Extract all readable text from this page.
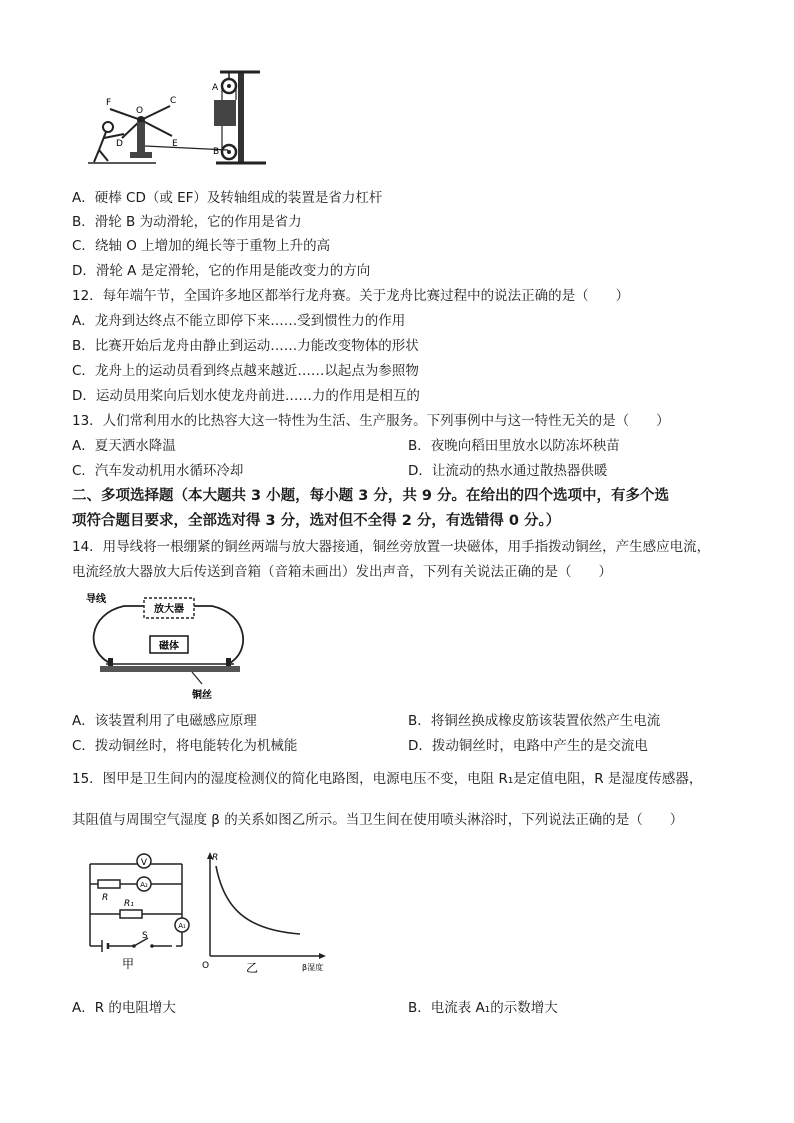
F
O
C
D	E
A
B
A．硬棒 CD（或 EF）及转轴组成的装置是省力杠杆
B．滑轮 B 为动滑轮，它的作用是省力
C．绕轴 O 上增加的绳长等于重物上升的高
D．滑轮 A 是定滑轮，它的作用是能改变力的方向
12．每年端午节，全国许多地区都举行龙舟赛。关于龙舟比赛过程中的说法正确的是（　　）
A．龙舟到达终点不能立即停下来……受到惯性力的作用
B．比赛开始后龙舟由静止到运动……力能改变物体的形状
C．龙舟上的运动员看到终点越来越近……以起点为参照物
D．运动员用桨向后划水使龙舟前进……力的作用是相互的
13．人们常利用水的比热容大这一特性为生活、生产服务。下列事例中与这一特性无关的是（　　）
A．夏天洒水降温	B．夜晚向稻田里放水以防冻坏秧苗
C．汽车发动机用水循环冷却	D．让流动的热水通过散热器供暖
二、多项选择题（本大题共 3 小题，每小题 3 分，共 9 分。在给出的四个选项中，有多个选
项符合题目要求，全部选对得 3 分，选对但不全得 2 分，有选错得 0 分。）
14．用导线将一根绷紧的铜丝两端与放大器接通，铜丝旁放置一块磁体，用手指拨动铜丝，产生感应电流，
电流经放大器放大后传送到音箱（音箱未画出）发出声音，下列有关说法正确的是（　　）
放大器
磁体
导线
铜丝
A．该装置利用了电磁感应原理	B．将铜丝换成橡皮筋该装置依然产生电流
C．拨动铜丝时，将电能转化为机械能	D．拨动铜丝时，电路中产生的是交流电
15．图甲是卫生间内的湿度检测仪的简化电路图，电源电压不变，电阻 R₁是定值电阻，R 是湿度传感器，
其阻值与周围空气湿度 β 的关系如图乙所示。当卫生间在使用喷头淋浴时，下列说法正确的是（　　）
V
A₂
A₁
R
R₁
S
甲
R
O	β湿度
乙
A．R 的电阻增大	B．电流表 A₁的示数增大
